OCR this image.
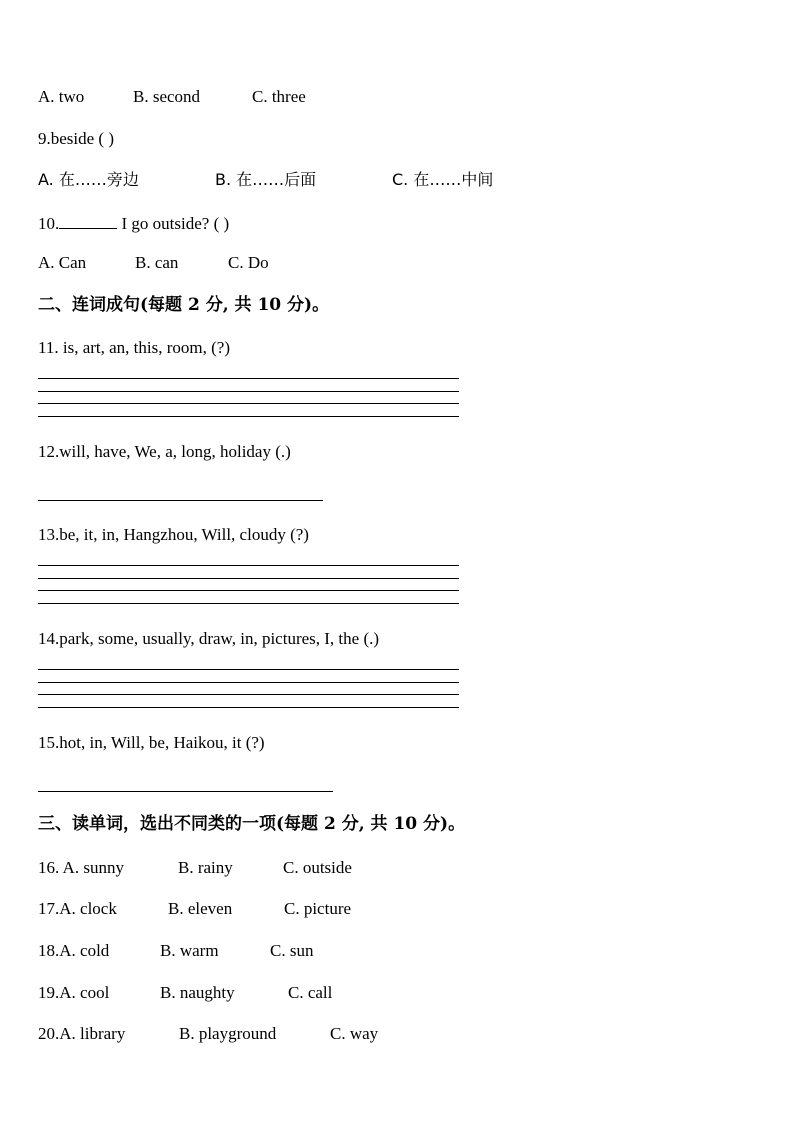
A. two	B. second	C. three
9.beside ( )
A. 在……旁边	B. 在……后面	C. 在……中间
10.	I go outside? ( )
A. Can	B. can	C. Do
二、连词成句(每题 2 分, 共 10 分)。
11. is, art, an, this, room, (?)
12.will, have, We, a, long, holiday (.)
13.be, it, in, Hangzhou, Will, cloudy (?)
14.park, some, usually, draw, in, pictures, I, the (.)
15.hot, in, Will, be, Haikou, it (?)
三、读单词，选出不同类的一项(每题 2 分, 共 10 分)。
16. A. sunny	B. rainy	C. outside
17.A. clock	B. eleven	C. picture
18.A. cold	B. warm	C. sun
19.A. cool	B. naughty	C. call
20.A. library	B. playground	C. way
